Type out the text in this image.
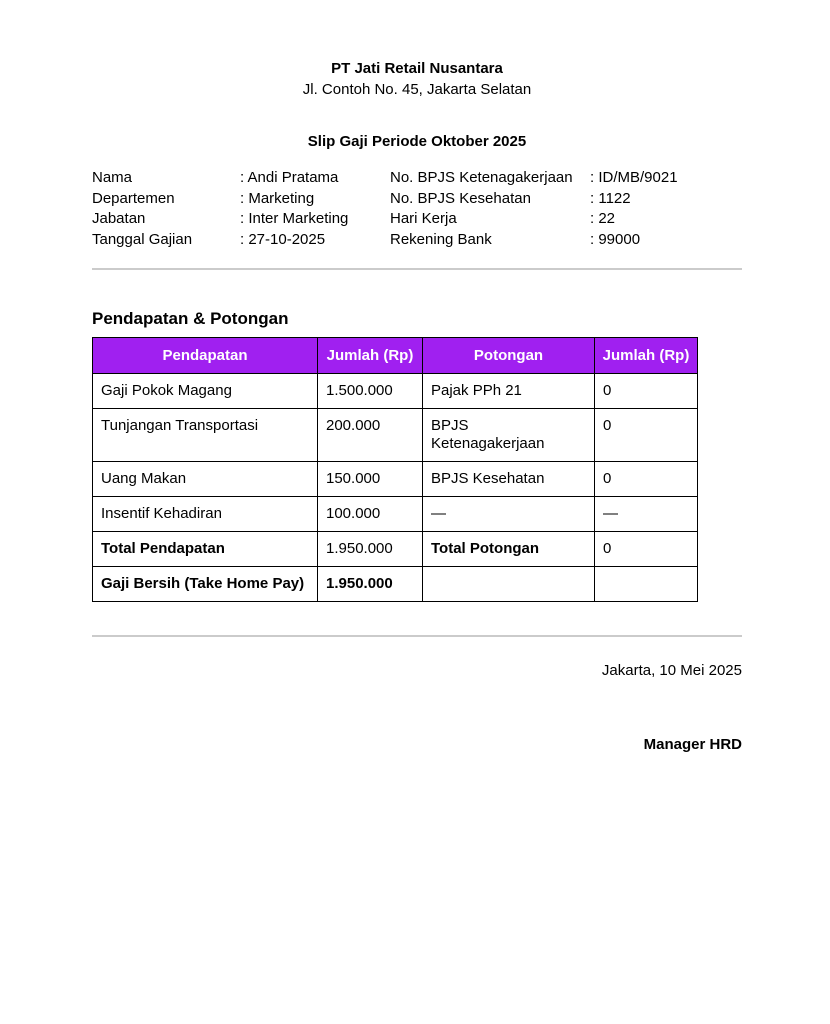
PT Jati Retail Nusantara
Jl. Contoh No. 45, Jakarta Selatan
Slip Gaji Periode Oktober 2025
Nama	: Andi Pratama	No. BPJS Ketenagakerjaan	: ID/MB/9021
Departemen	: Marketing	No. BPJS Kesehatan	: 1122
Jabatan	: Inter Marketing	Hari Kerja	: 22
Tanggal Gajian	: 27-10-2025	Rekening Bank	: 99000
Pendapatan & Potongan
Pendapatan	Jumlah (Rp)	Potongan	Jumlah (Rp)
Gaji Pokok Magang	1.500.000	Pajak PPh 21	0
Tunjangan Transportasi	200.000	BPJS Ketenagakerjaan	0
Uang Makan	150.000	BPJS Kesehatan	0
Insentif Kehadiran	100.000	—	—
Total Pendapatan	1.950.000	Total Potongan	0
Gaji Bersih (Take Home Pay)	1.950.000		
Jakarta, 10 Mei 2025
Manager HRD
